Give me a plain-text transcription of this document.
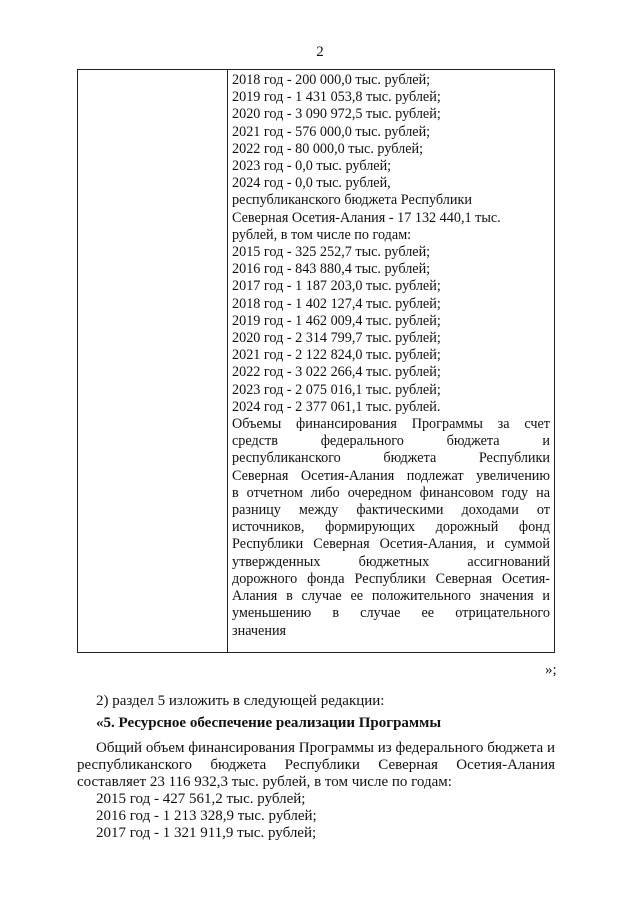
2
2018 год - 200 000,0 тыс. рублей;
2019 год - 1 431 053,8 тыс. рублей;
2020 год - 3 090 972,5 тыс. рублей;
2021 год - 576 000,0 тыс. рублей;
2022 год - 80 000,0 тыс. рублей;
2023 год - 0,0 тыс. рублей;
2024 год - 0,0 тыс. рублей,
республиканского бюджета Республики
Северная Осетия-Алания - 17 132 440,1 тыс.
рублей, в том числе по годам:
2015 год - 325 252,7 тыс. рублей;
2016 год - 843 880,4 тыс. рублей;
2017 год - 1 187 203,0 тыс. рублей;
2018 год - 1 402 127,4 тыс. рублей;
2019 год - 1 462 009,4 тыс. рублей;
2020 год - 2 314 799,7 тыс. рублей;
2021 год - 2 122 824,0 тыс. рублей;
2022 год - 3 022 266,4 тыс. рублей;
2023 год - 2 075 016,1 тыс. рублей;
2024 год - 2 377 061,1 тыс. рублей.
Объемы финансирования Программы за счет
средств федерального бюджета и
республиканского бюджета Республики
Северная Осетия-Алания подлежат увеличению
в отчетном либо очередном финансовом году на
разницу между фактическими доходами от
источников, формирующих дорожный фонд
Республики Северная Осетия-Алания, и суммой
утвержденных бюджетных ассигнований
дорожного фонда Республики Северная Осетия-
Алания в случае ее положительного значения и
уменьшению в случае ее отрицательного
значения
»;
2) раздел 5 изложить в следующей редакции:
«5. Ресурсное обеспечение реализации Программы
Общий объем финансирования Программы из федерального бюджета и республиканского бюджета Республики Северная Осетия-Алания составляет 23 116 932,3 тыс. рублей, в том числе по годам:
2015 год - 427 561,2 тыс. рублей;
2016 год - 1 213 328,9 тыс. рублей;
2017 год - 1 321 911,9 тыс. рублей;
